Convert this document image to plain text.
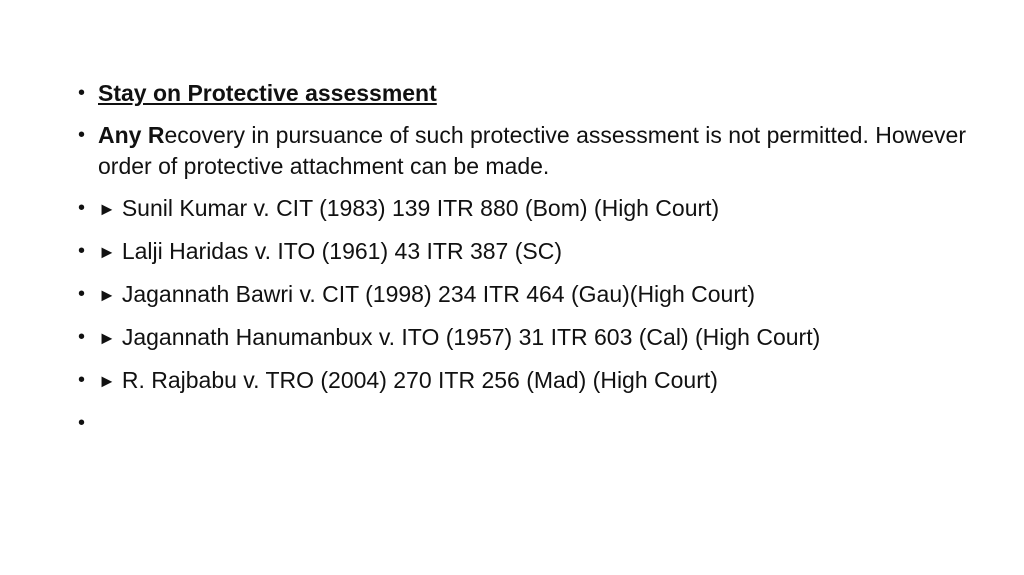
• Stay on Protective assessment
• Any Recovery in pursuance of such protective assessment is not permitted. However order of protective attachment can be made.
• ► Sunil Kumar v. CIT (1983) 139 ITR 880 (Bom) (High Court)
• ► Lalji Haridas v. ITO (1961) 43 ITR 387 (SC)
• ► Jagannath Bawri v. CIT (1998) 234 ITR 464 (Gau)(High Court)
• ► Jagannath Hanumanbux v. ITO (1957) 31 ITR 603 (Cal) (High Court)
• ► R. Rajbabu v. TRO (2004) 270 ITR 256 (Mad) (High Court)
•
